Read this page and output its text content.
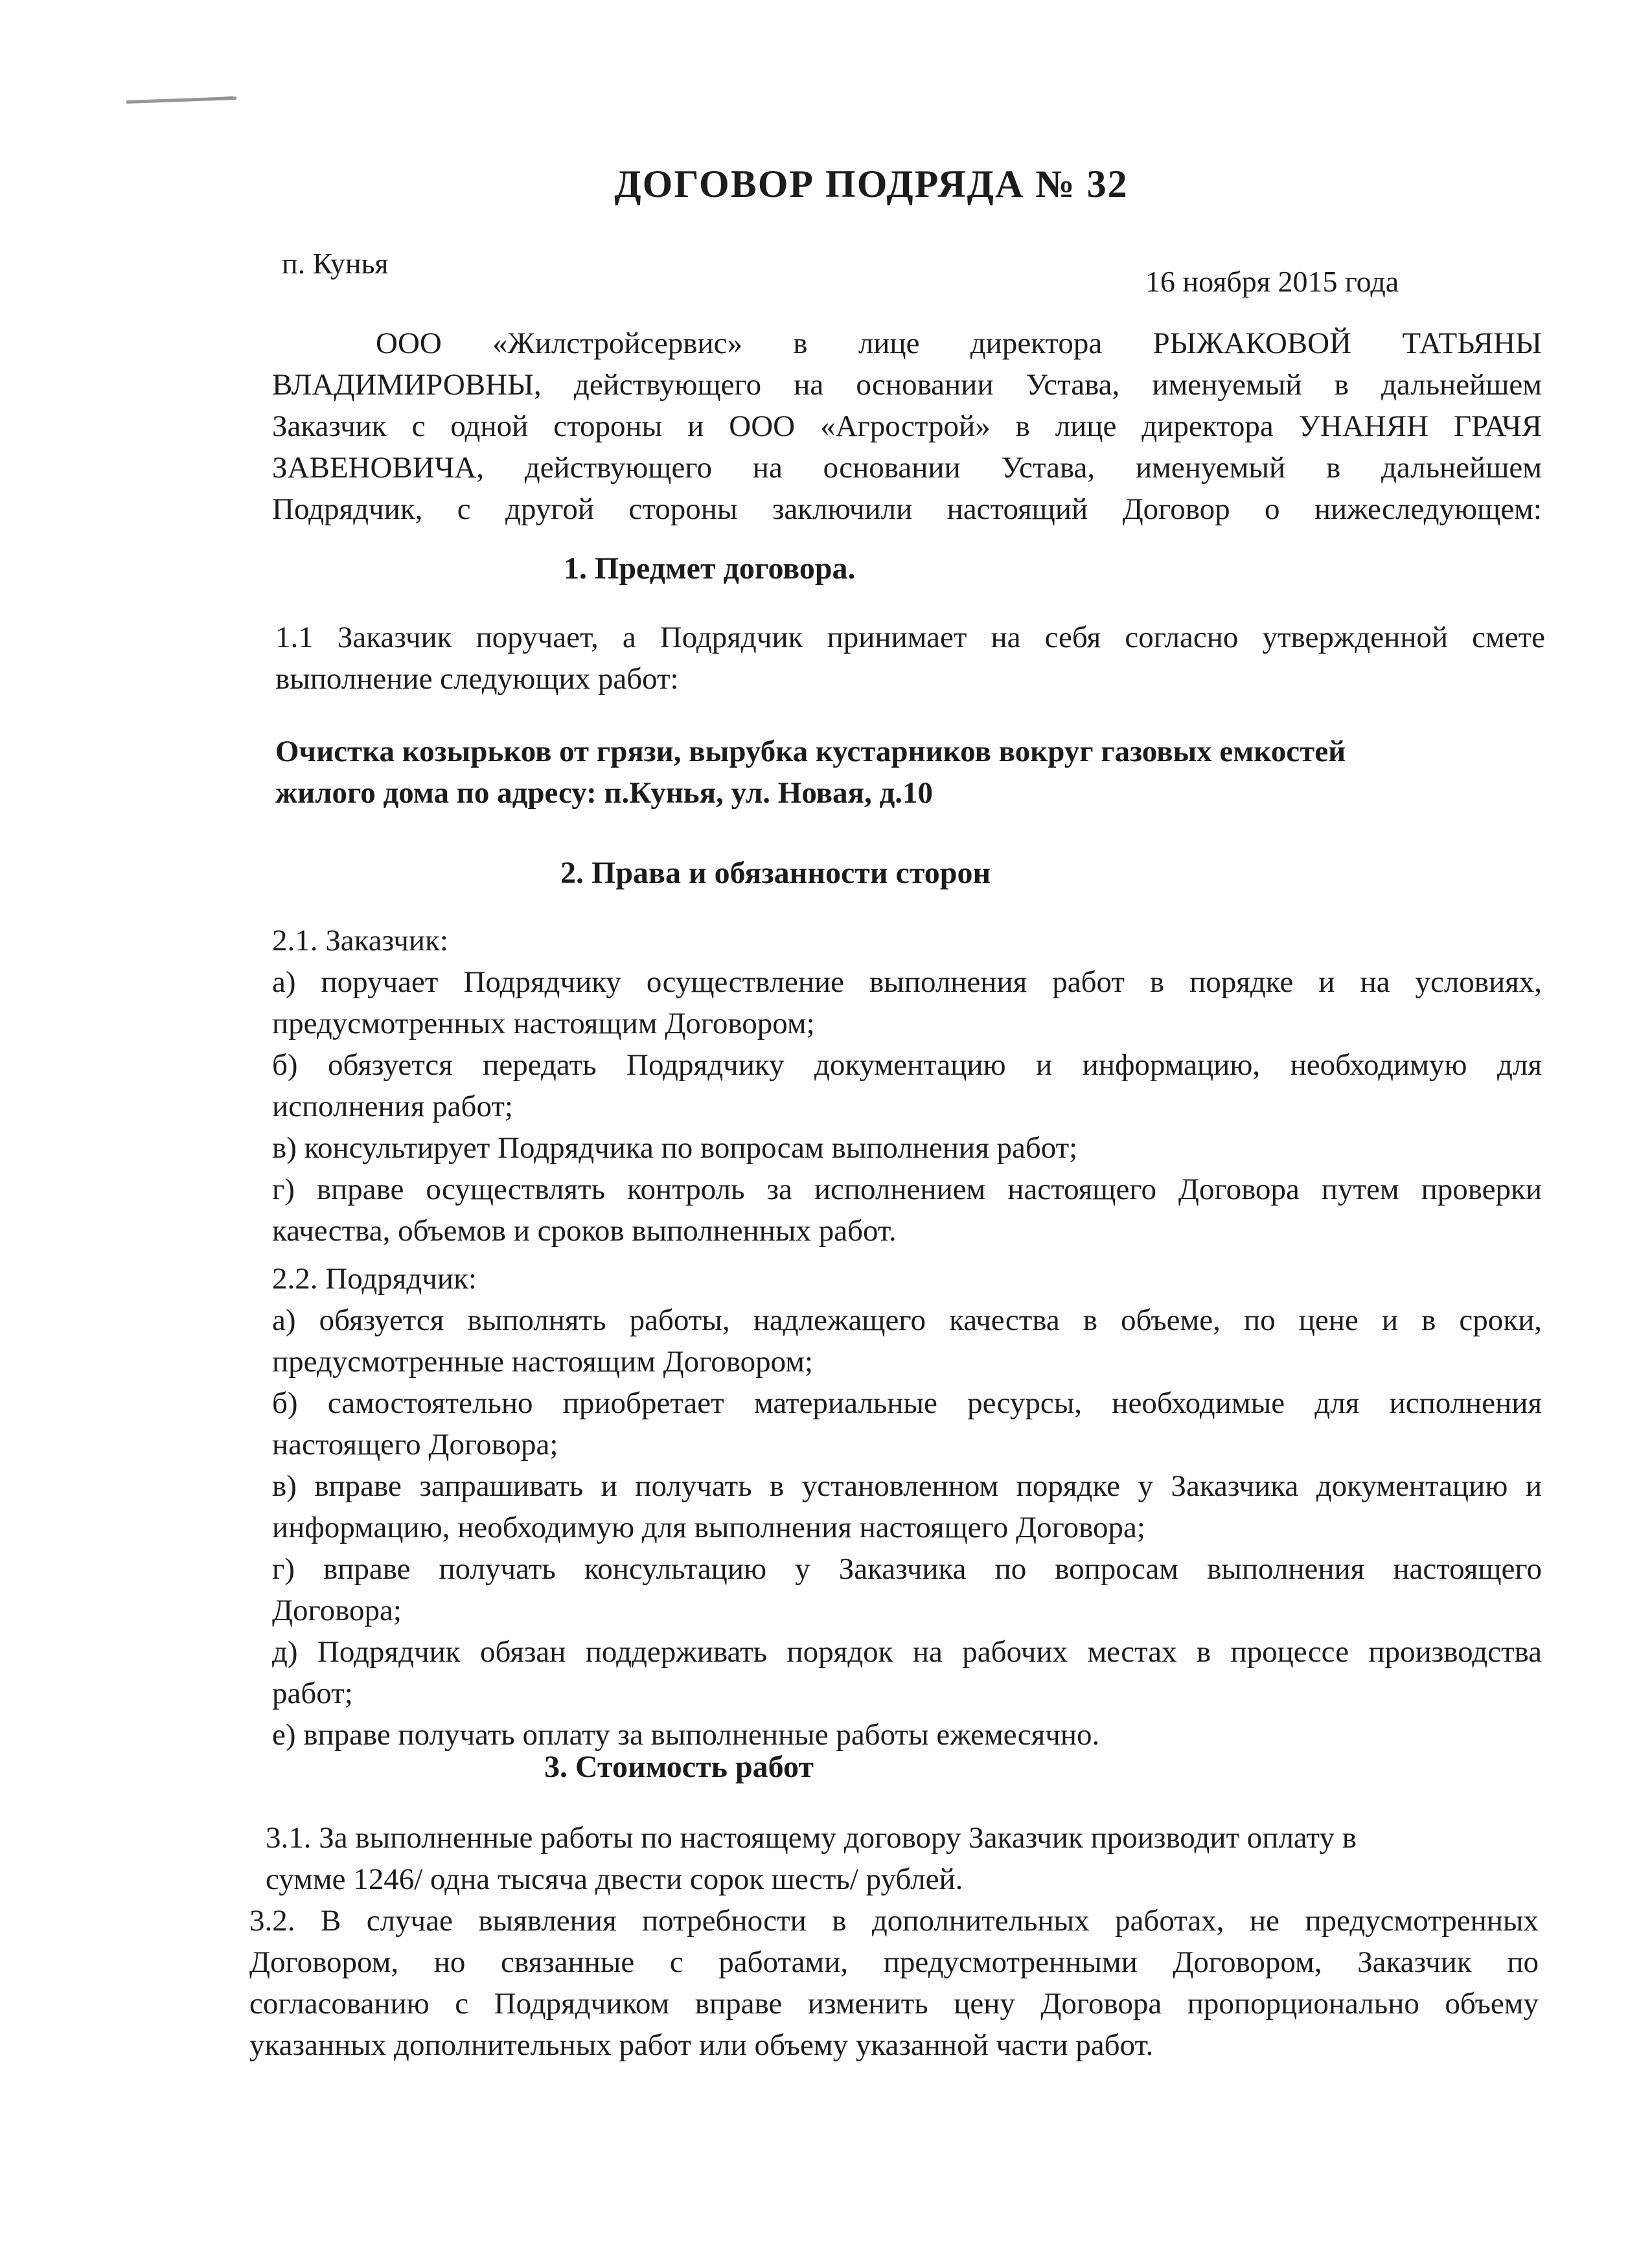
ДОГОВОР ПОДРЯДА № 32
п. Кунья
16 ноября 2015 года
ООО «Жилстройсервис» в лице директора РЫЖАКОВОЙ ТАТЬЯНЫ
ВЛАДИМИРОВНЫ, действующего на основании Устава, именуемый в дальнейшем
Заказчик с одной стороны и ООО «Агрострой» в лице директора УНАНЯН ГРАЧЯ
ЗАВЕНОВИЧА, действующего на основании Устава, именуемый в дальнейшем
Подрядчик, с другой стороны заключили настоящий Договор о нижеследующем:
1. Предмет договора.
1.1 Заказчик поручает, а Подрядчик принимает на себя согласно утвержденной смете
выполнение следующих работ:
Очистка козырьков от грязи, вырубка кустарников вокруг газовых емкостей
жилого дома по адресу: п.Кунья, ул. Новая, д.10
2. Права и обязанности сторон
2.1. Заказчик:
а) поручает Подрядчику осуществление выполнения работ в порядке и на условиях,
предусмотренных настоящим Договором;
б) обязуется передать Подрядчику документацию и информацию, необходимую для
исполнения работ;
в) консультирует Подрядчика по вопросам выполнения работ;
г) вправе осуществлять контроль за исполнением настоящего Договора путем проверки
качества, объемов и сроков выполненных работ.
2.2. Подрядчик:
а) обязуется выполнять работы, надлежащего качества в объеме, по цене и в сроки,
предусмотренные настоящим Договором;
б) самостоятельно приобретает материальные ресурсы, необходимые для исполнения
настоящего Договора;
в) вправе запрашивать и получать в установленном порядке у Заказчика документацию и
информацию, необходимую для выполнения настоящего Договора;
г) вправе получать консультацию у Заказчика по вопросам выполнения настоящего
Договора;
д) Подрядчик обязан поддерживать порядок на рабочих местах в процессе производства
работ;
е) вправе получать оплату за выполненные работы ежемесячно.
3. Стоимость работ
3.1. За выполненные работы по настоящему договору Заказчик производит оплату в
сумме 1246/ одна тысяча двести сорок шесть/ рублей.
3.2. В случае выявления потребности в дополнительных работах, не предусмотренных
Договором, но связанные с работами, предусмотренными Договором, Заказчик по
согласованию с Подрядчиком вправе изменить цену Договора пропорционально объему
указанных дополнительных работ или объему указанной части работ.
